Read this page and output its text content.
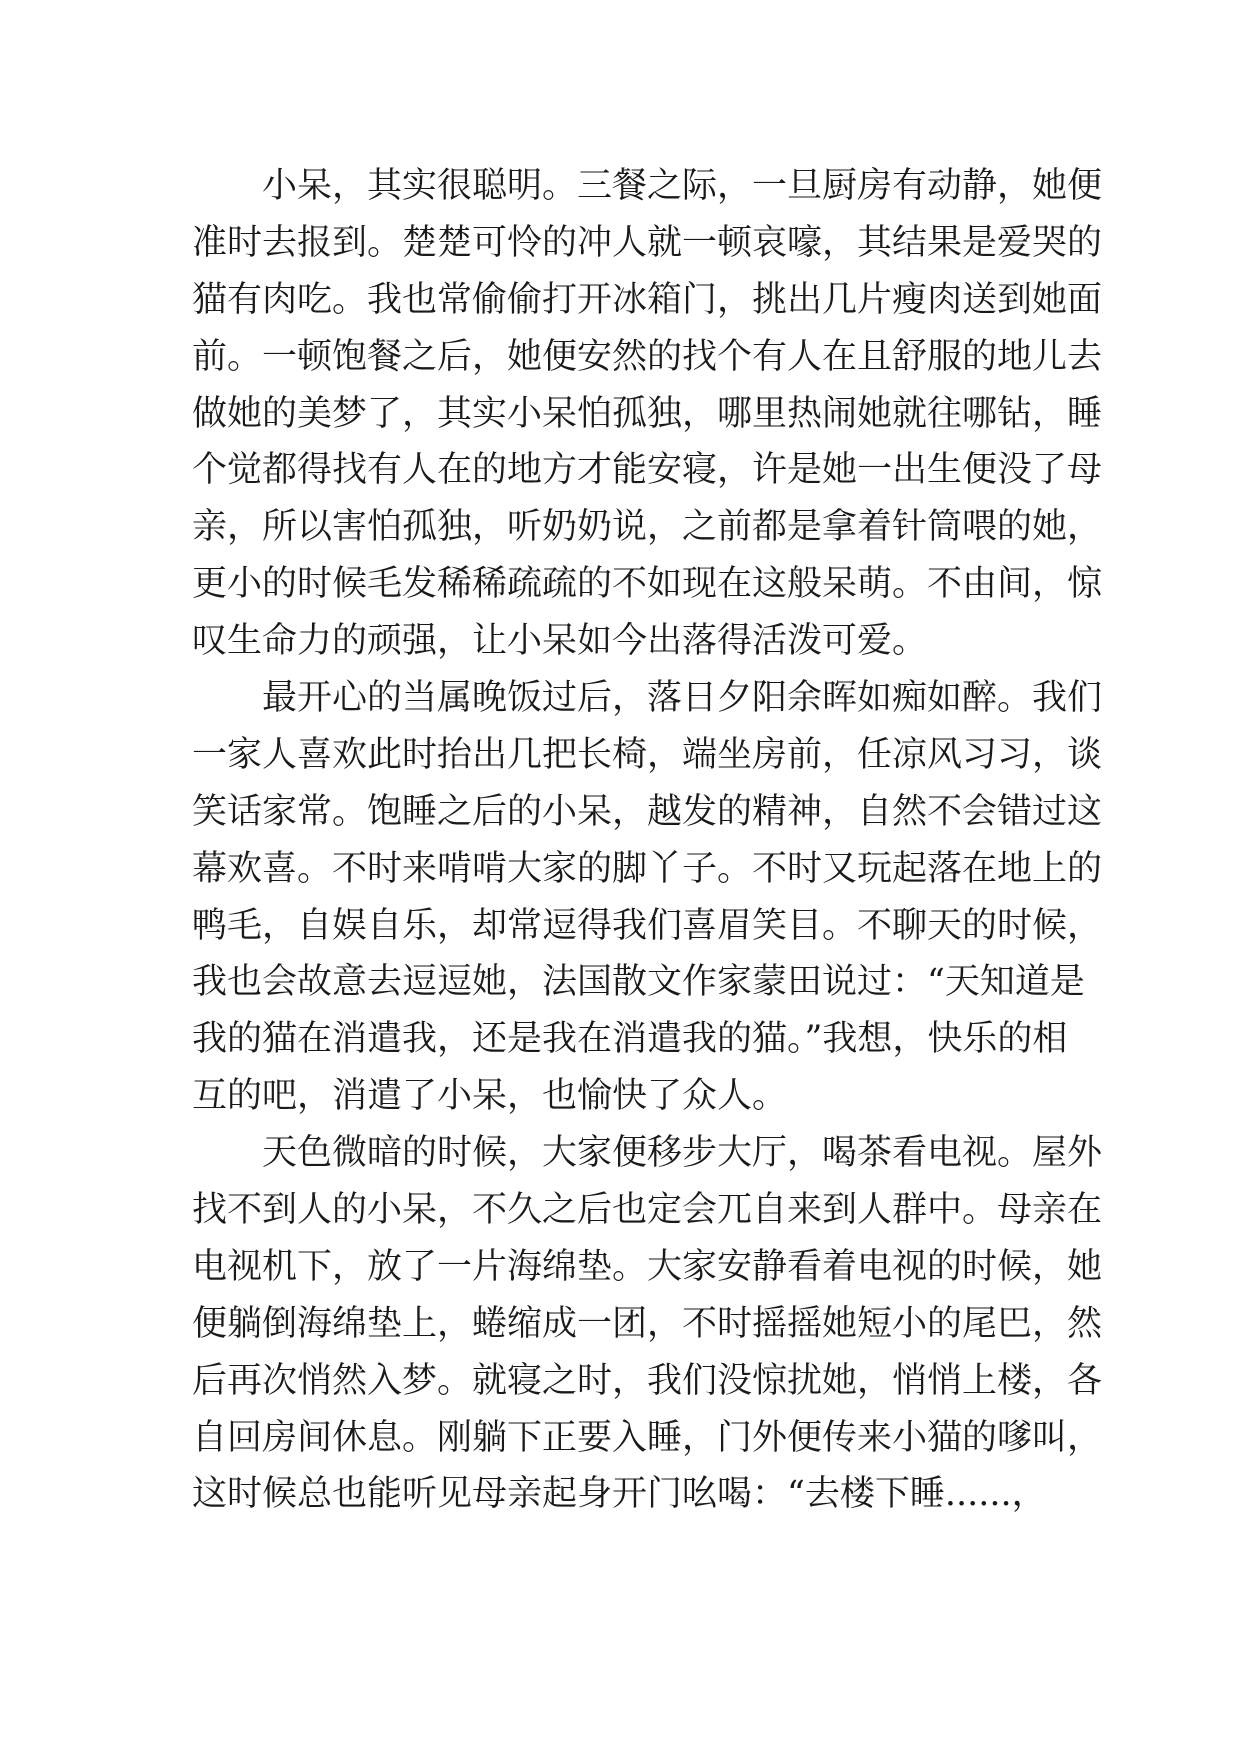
　　小呆，其实很聪明。三餐之际，一旦厨房有动静，她便
准时去报到。楚楚可怜的冲人就一顿哀嚎，其结果是爱哭的
猫有肉吃。我也常偷偷打开冰箱门，挑出几片瘦肉送到她面
前。一顿饱餐之后，她便安然的找个有人在且舒服的地儿去
做她的美梦了，其实小呆怕孤独，哪里热闹她就往哪钻，睡
个觉都得找有人在的地方才能安寝，许是她一出生便没了母
亲，所以害怕孤独，听奶奶说，之前都是拿着针筒喂的她，
更小的时候毛发稀稀疏疏的不如现在这般呆萌。不由间，惊
叹生命力的顽强，让小呆如今出落得活泼可爱。
　　最开心的当属晚饭过后，落日夕阳余晖如痴如醉。我们
一家人喜欢此时抬出几把长椅，端坐房前，任凉风习习，谈
笑话家常。饱睡之后的小呆，越发的精神，自然不会错过这
幕欢喜。不时来啃啃大家的脚丫子。不时又玩起落在地上的
鸭毛，自娱自乐，却常逗得我们喜眉笑目。不聊天的时候，
我也会故意去逗逗她，法国散文作家蒙田说过：“天知道是
我的猫在消遣我，还是我在消遣我的猫。”我想，快乐的相
互的吧，消遣了小呆，也愉快了众人。
　　天色微暗的时候，大家便移步大厅，喝茶看电视。屋外
找不到人的小呆，不久之后也定会兀自来到人群中。母亲在
电视机下，放了一片海绵垫。大家安静看着电视的时候，她
便躺倒海绵垫上，蜷缩成一团，不时摇摇她短小的尾巴，然
后再次悄然入梦。就寝之时，我们没惊扰她，悄悄上楼，各
自回房间休息。刚躺下正要入睡，门外便传来小猫的嗲叫，
这时候总也能听见母亲起身开门吆喝：“去楼下睡......，
